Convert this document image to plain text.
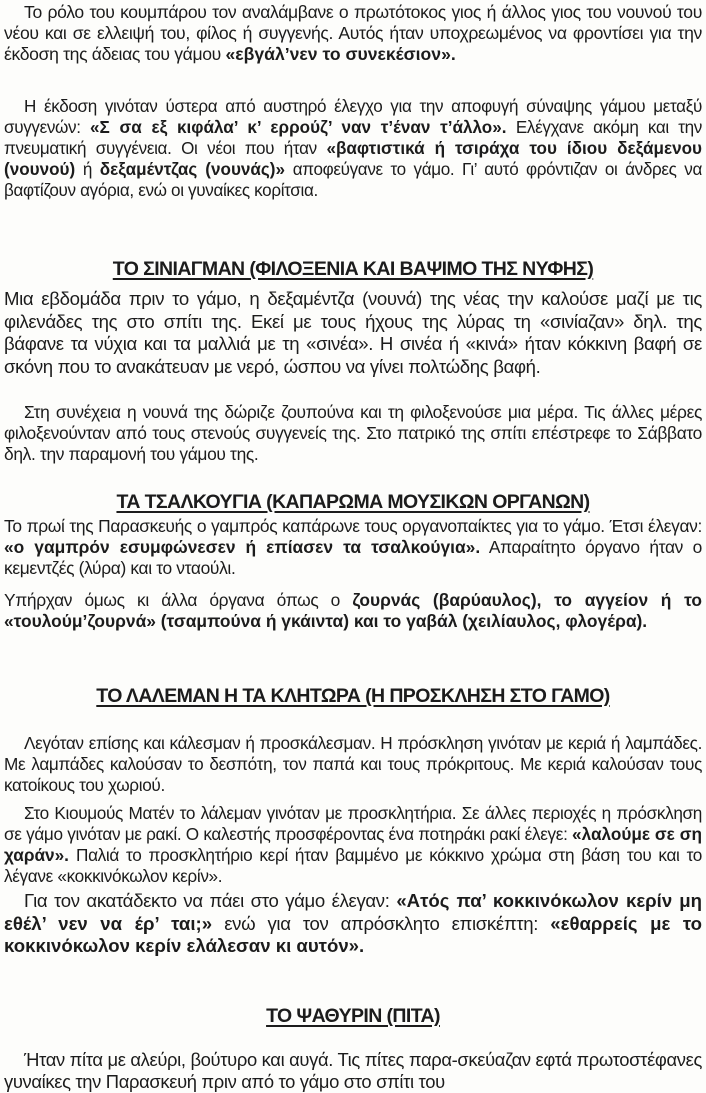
Το ρόλο του κουμπάρου τον αναλάμβανε ο πρωτότοκος γιος ή άλλος γιος του νουνού του νέου και σε ελλειψή του, φίλος ή συγγενής. Αυτός ήταν υποχρεωμένος να φροντίσει για την έκδοση της άδειας του γάμου «εβγάλ’νεν το συνεκέσιον».

Η έκδοση γινόταν ύστερα από αυστηρό έλεγχο για την αποφυγή σύναψης γάμου μεταξύ συγγενών: «Σ σα εξ κιφάλα’ κ’ ερρούζ’ ναν τ’έναν τ’άλλο». Ελέγχανε ακόμη και την πνευματική συγγένεια. Οι νέοι που ήταν «βαφτιστικά ή τσιράχα του ίδιου δεξάμενου (νουνού) ή δεξαμέντζας (νουνάς)» αποφεύγανε το γάμο. Γι’ αυτό φρόντιζαν οι άνδρες να βαφτίζουν αγόρια, ενώ οι γυναίκες κορίτσια.

ΤΟ ΣΙΝΙΑΓΜΑΝ (ΦΙΛΟΞΕΝΙΑ ΚΑΙ ΒΑΨΙΜΟ ΤΗΣ ΝΥΦΗΣ)

Μια εβδομάδα πριν το γάμο, η δεξαμέντζα (νουνά) της νέας την καλούσε μαζί με τις φιλενάδες της στο σπίτι της. Εκεί με τους ήχους της λύρας τη «σινίαζαν» δηλ. της βάφανε τα νύχια και τα μαλλιά με τη «σινέα». Η σινέα ή «κινά» ήταν κόκκινη βαφή σε σκόνη που το ανακάτευαν με νερό, ώσπου να γίνει πολτώδης βαφή.

Στη συνέχεια η νουνά της δώριζε ζουπούνα και τη φιλοξενούσε μια μέρα. Τις άλλες μέρες φιλοξενούνταν από τους στενούς συγγενείς της. Στο πατρικό της σπίτι επέστρεφε το Σάββατο δηλ. την παραμονή του γάμου της.

ΤΑ ΤΣΑΛΚΟΥΓΙΑ (ΚΑΠΑΡΩΜΑ ΜΟΥΣΙΚΩΝ ΟΡΓΑΝΩΝ)

Το πρωί της Παρασκευής ο γαμπρός καπάρωνε τους οργανοπαίκτες για το γάμο. Έτσι έλεγαν: «ο γαμπρόν εσυμφώνεσεν ή επίασεν τα τσαλκούγια». Απαραίτητο όργανο ήταν ο κεμεντζές (λύρα) και το νταούλι.

Υπήρχαν όμως κι άλλα όργανα όπως ο ζουρνάς (βαρύαυλος), το αγγείον ή το «τουλούμ’ζουρνά» (τσαμπούνα ή γκάιντα) και το γαβάλ (χειλίαυλος, φλογέρα).

ΤΟ ΛΑΛΕΜΑΝ Η ΤΑ ΚΛΗΤΩΡΑ (Η ΠΡΟΣΚΛΗΣΗ ΣΤΟ ΓΑΜΟ)

Λεγόταν επίσης και κάλεσμαν ή προσκάλεσμαν. Η πρόσκληση γινόταν με κεριά ή λαμπάδες. Με λαμπάδες καλούσαν το δεσπότη, τον παπά και τους πρόκριτους. Με κεριά καλούσαν τους κατοίκους του χωριού.

Στο Κιουμούς Ματέν το λάλεμαν γινόταν με προσκλητήρια. Σε άλλες περιοχές η πρόσκληση σε γάμο γινόταν με ρακί. Ο καλεστής προσφέροντας ένα ποτηράκι ρακί έλεγε: «λαλούμε σε ση χαράν». Παλιά το προσκλητήριο κερί ήταν βαμμένο με κόκκινο χρώμα στη βάση του και το λέγανε «κοκκινόκωλον κερίν».

Για τον ακατάδεκτο να πάει στο γάμο έλεγαν: «Ατός πα’ κοκκινόκωλον κερίν μη εθέλ’ νεν να έρ’ ται;» ενώ για τον απρόσκλητο επισκέπτη: «εθαρρείς με το κοκκινόκωλον κερίν ελάλεσαν κι αυτόν».

ΤΟ ΨΑΘΥΡΙΝ (ΠΙΤΑ)

Ήταν πίτα με αλεύρι, βούτυρο και αυγά. Τις πίτες παρα-σκεύαζαν εφτά πρωτοστέφανες γυναίκες την Παρασκευή πριν από το γάμο στο σπίτι του
